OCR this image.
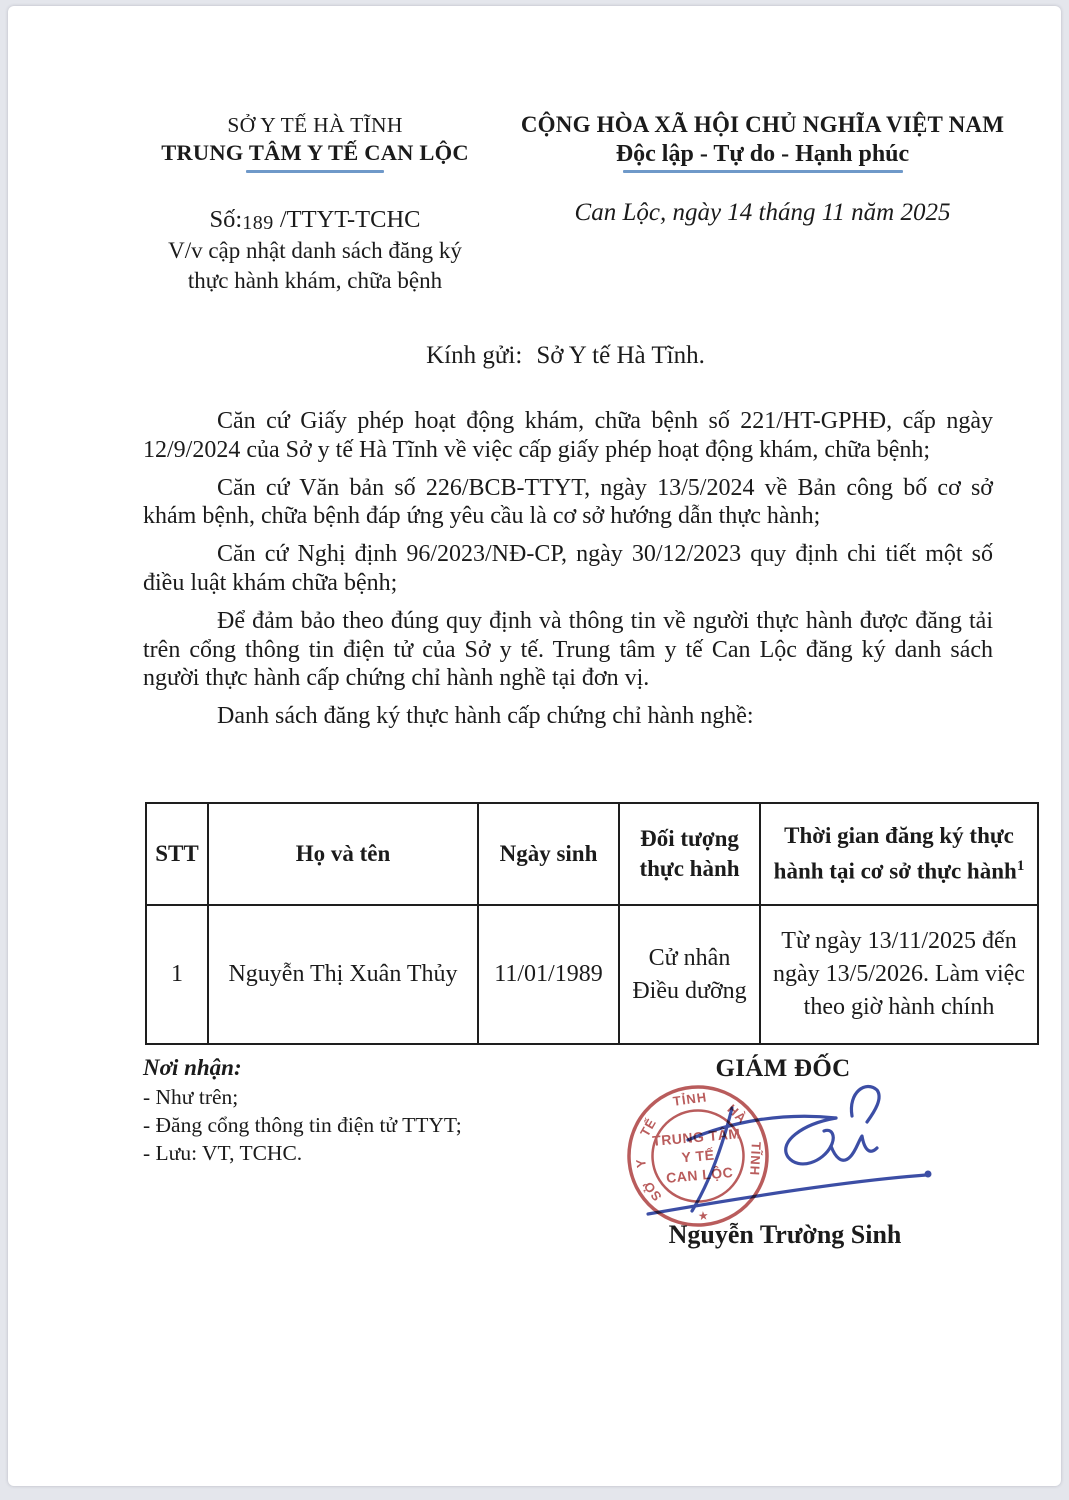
SỞ Y TẾ HÀ TĨNH
TRUNG TÂM Y TẾ CAN LỘC
Số:189 /TTYT-TCHC
V/v cập nhật danh sách đăng ký
thực hành khám, chữa bệnh
CỘNG HÒA XÃ HỘI CHỦ NGHĨA VIỆT NAM
Độc lập - Tự do - Hạnh phúc
Can Lộc, ngày 14 tháng 11 năm 2025
Kính gửi: Sở Y tế Hà Tĩnh.

Căn cứ Giấy phép hoạt động khám, chữa bệnh số 221/HT-GPHĐ, cấp ngày 12/9/2024 của Sở y tế Hà Tĩnh về việc cấp giấy phép hoạt động khám, chữa bệnh;

Căn cứ Văn bản số 226/BCB-TTYT, ngày 13/5/2024 về Bản công bố cơ sở khám bệnh, chữa bệnh đáp ứng yêu cầu là cơ sở hướng dẫn thực hành;

Căn cứ Nghị định 96/2023/NĐ-CP, ngày 30/12/2023 quy định chi tiết một số điều luật khám chữa bệnh;

Để đảm bảo theo đúng quy định và thông tin về người thực hành được đăng tải trên cổng thông tin điện tử của Sở y tế. Trung tâm y tế Can Lộc đăng ký danh sách người thực hành cấp chứng chỉ hành nghề tại đơn vị.

Danh sách đăng ký thực hành cấp chứng chỉ hành nghề:

STT	Họ và tên	Ngày sinh	Đối tượng thực hành	Thời gian đăng ký thực hành tại cơ sở thực hành$^1$
1	Nguyễn Thị Xuân Thủy	11/01/1989	Cử nhân Điều dưỡng	Từ ngày 13/11/2025 đến ngày 13/5/2026. Làm việc theo giờ hành chính
Nơi nhận:
- Như trên;
- Đăng cổng thông tin điện tử TTYT;
- Lưu: VT, TCHC.
GIÁM ĐỐC
Nguyễn Trường Sinh
SỞ
Y
TẾ
TỈNH
HÀ
TĨNH
TRUNG TÂM
Y TẾ
CAN LỘC
★
